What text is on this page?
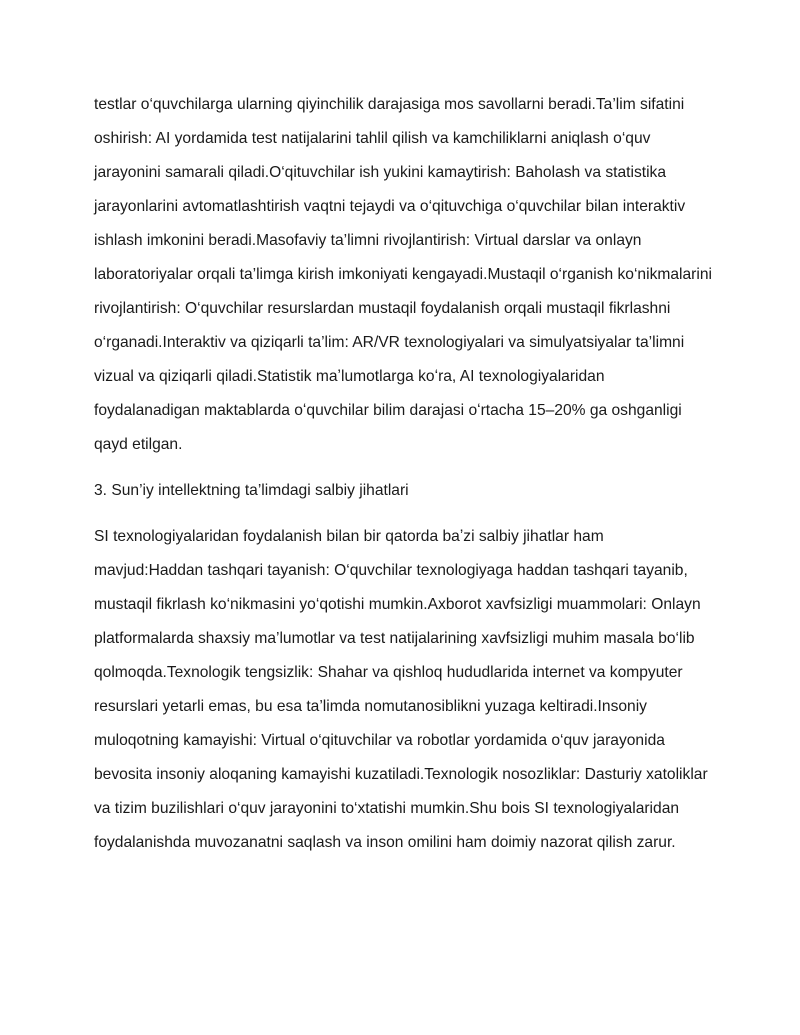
testlar o‘quvchilarga ularning qiyinchilik darajasiga mos savollarni beradi.Ta’lim sifatini oshirish: AI yordamida test natijalarini tahlil qilish va kamchiliklarni aniqlash o‘quv jarayonini samarali qiladi.O‘qituvchilar ish yukini kamaytirish: Baholash va statistika jarayonlarini avtomatlashtirish vaqtni tejaydi va o‘qituvchiga o‘quvchilar bilan interaktiv ishlash imkonini beradi.Masofaviy ta’limni rivojlantirish: Virtual darslar va onlayn laboratoriyalar orqali ta’limga kirish imkoniyati kengayadi.Mustaqil o‘rganish ko‘nikmalarini rivojlantirish: O‘quvchilar resurslardan mustaqil foydalanish orqali mustaqil fikrlashni o‘rganadi.Interaktiv va qiziqarli ta’lim: AR/VR texnologiyalari va simulyatsiyalar ta’limni vizual va qiziqarli qiladi.Statistik maʼlumotlarga koʻra, AI texnologiyalaridan foydalanadigan maktablarda oʻquvchilar bilim darajasi oʻrtacha 15–20% ga oshganligi qayd etilgan.

3. Sun’iy intellektning ta’limdagi salbiy jihatlari

SI texnologiyalaridan foydalanish bilan bir qatorda baʼzi salbiy jihatlar ham mavjud:Haddan tashqari tayanish: O‘quvchilar texnologiyaga haddan tashqari tayanib, mustaqil fikrlash ko‘nikmasini yo‘qotishi mumkin.Axborot xavfsizligi muammolari: Onlayn platformalarda shaxsiy ma’lumotlar va test natijalarining xavfsizligi muhim masala bo‘lib qolmoqda.Texnologik tengsizlik: Shahar va qishloq hududlarida internet va kompyuter resurslari yetarli emas, bu esa ta’limda nomutanosiblikni yuzaga keltiradi.Insoniy muloqotning kamayishi: Virtual o‘qituvchilar va robotlar yordamida o‘quv jarayonida bevosita insoniy aloqaning kamayishi kuzatiladi.Texnologik nosozliklar: Dasturiy xatoliklar va tizim buzilishlari o‘quv jarayonini to‘xtatishi mumkin.Shu bois SI texnologiyalaridan foydalanishda muvozanatni saqlash va inson omilini ham doimiy nazorat qilish zarur.
